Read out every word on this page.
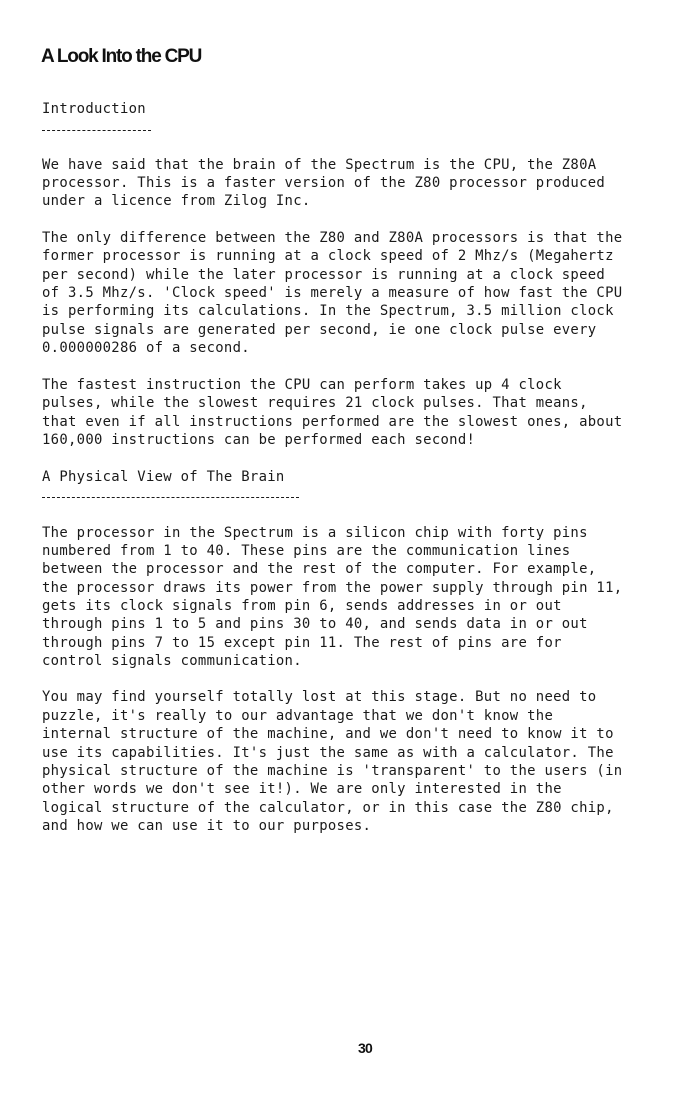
A Look Into the CPU

Introduction

We have said that the brain of the Spectrum is the CPU, the Z80A

processor. This is a faster version of the Z80 processor produced

under a licence from Zilog Inc.

The only difference between the Z80 and Z80A processors is that the

former processor is running at a clock speed of 2 Mhz/s (Megahertz

per second) while the later processor is running at a clock speed

of 3.5 Mhz/s. 'Clock speed' is merely a measure of how fast the CPU

is performing its calculations. In the Spectrum, 3.5 million clock

pulse signals are generated per second, ie one clock pulse every

0.000000286 of a second.

The fastest instruction the CPU can perform takes up 4 clock

pulses, while the slowest requires 21 clock pulses. That means,

that even if all instructions performed are the slowest ones, about

160,000 instructions can be performed each second!

A Physical View of The Brain

The processor in the Spectrum is a silicon chip with forty pins

numbered from 1 to 40. These pins are the communication lines

between the processor and the rest of the computer. For example,

the processor draws its power from the power supply through pin 11,

gets its clock signals from pin 6, sends addresses in or out

through pins 1 to 5 and pins 30 to 40, and sends data in or out

through pins 7 to 15 except pin 11. The rest of pins are for

control signals communication.

You may find yourself totally lost at this stage. But no need to

puzzle, it's really to our advantage that we don't know the

internal structure of the machine, and we don't need to know it to

use its capabilities. It's just the same as with a calculator. The

physical structure of the machine is 'transparent' to the users (in

other words we don't see it!). We are only interested in the

logical structure of the calculator, or in this case the Z80 chip,

and how we can use it to our purposes.

30
